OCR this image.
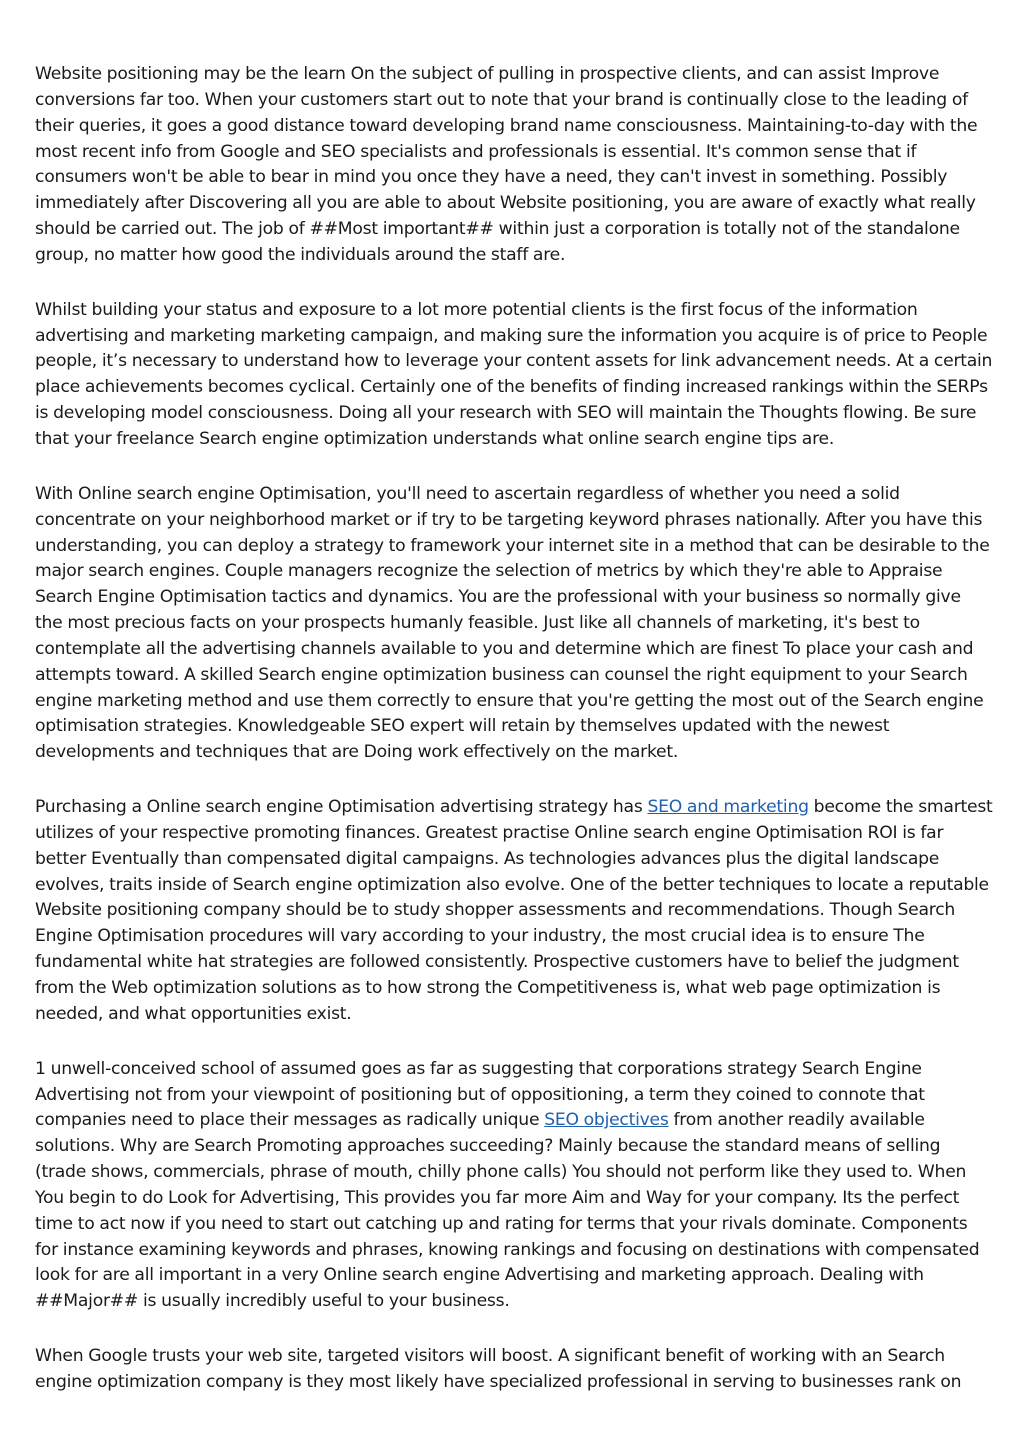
Website positioning may be the learn On the subject of pulling in prospective clients, and can assist Improve conversions far too. When your customers start out to note that your brand is continually close to the leading of their queries, it goes a good distance toward developing brand name consciousness. Maintaining-to-day with the most recent info from Google and SEO specialists and professionals is essential. It's common sense that if consumers won't be able to bear in mind you once they have a need, they can't invest in something. Possibly immediately after Discovering all you are able to about Website positioning, you are aware of exactly what really should be carried out. The job of ##Most important## within just a corporation is totally not of the standalone group, no matter how good the individuals around the staff are.

Whilst building your status and exposure to a lot more potential clients is the first focus of the information advertising and marketing marketing campaign, and making sure the information you acquire is of price to People people, it’s necessary to understand how to leverage your content assets for link advancement needs. At a certain place achievements becomes cyclical. Certainly one of the benefits of finding increased rankings within the SERPs is developing model consciousness. Doing all your research with SEO will maintain the Thoughts flowing. Be sure that your freelance Search engine optimization understands what online search engine tips are.

With Online search engine Optimisation, you'll need to ascertain regardless of whether you need a solid concentrate on your neighborhood market or if try to be targeting keyword phrases nationally. After you have this understanding, you can deploy a strategy to framework your internet site in a method that can be desirable to the major search engines. Couple managers recognize the selection of metrics by which they're able to Appraise Search Engine Optimisation tactics and dynamics. You are the professional with your business so normally give the most precious facts on your prospects humanly feasible. Just like all channels of marketing, it's best to contemplate all the advertising channels available to you and determine which are finest To place your cash and attempts toward. A skilled Search engine optimization business can counsel the right equipment to your Search engine marketing method and use them correctly to ensure that you're getting the most out of the Search engine optimisation strategies. Knowledgeable SEO expert will retain by themselves updated with the newest developments and techniques that are Doing work effectively on the market.

Purchasing a Online search engine Optimisation advertising strategy has SEO and marketing become the smartest utilizes of your respective promoting finances. Greatest practise Online search engine Optimisation ROI is far better Eventually than compensated digital campaigns. As technologies advances plus the digital landscape evolves, traits inside of Search engine optimization also evolve. One of the better techniques to locate a reputable Website positioning company should be to study shopper assessments and recommendations. Though Search Engine Optimisation procedures will vary according to your industry, the most crucial idea is to ensure The fundamental white hat strategies are followed consistently. Prospective customers have to belief the judgment from the Web optimization solutions as to how strong the Competitiveness is, what web page optimization is needed, and what opportunities exist.

1 unwell-conceived school of assumed goes as far as suggesting that corporations strategy Search Engine Advertising not from your viewpoint of positioning but of oppositioning, a term they coined to connote that companies need to place their messages as radically unique SEO objectives from another readily available solutions. Why are Search Promoting approaches succeeding? Mainly because the standard means of selling (trade shows, commercials, phrase of mouth, chilly phone calls) You should not perform like they used to. When You begin to do Look for Advertising, This provides you far more Aim and Way for your company. Its the perfect time to act now if you need to start out catching up and rating for terms that your rivals dominate. Components for instance examining keywords and phrases, knowing rankings and focusing on destinations with compensated look for are all important in a very Online search engine Advertising and marketing approach. Dealing with ##Major## is usually incredibly useful to your business.

When Google trusts your web site, targeted visitors will boost. A significant benefit of working with an Search engine optimization company is they most likely have specialized professional in serving to businesses rank on
